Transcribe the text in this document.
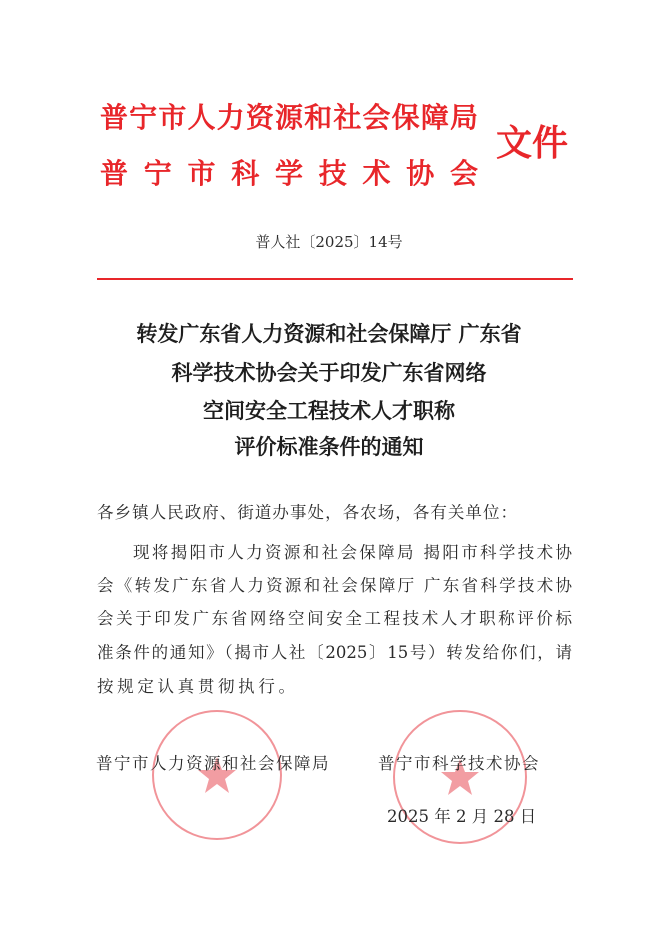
普宁市人力资源和社会保障局
普宁市科学技术协会
文件
普人社〔2025〕14号
转发广东省人力资源和社会保障厅 广东省
科学技术协会关于印发广东省网络
空间安全工程技术人才职称
评价标准条件的通知
各乡镇人民政府、街道办事处，各农场，各有关单位：
现将揭阳市人力资源和社会保障局 揭阳市科学技术协
会《转发广东省人力资源和社会保障厅 广东省科学技术协
会关于印发广东省网络空间安全工程技术人才职称评价标
准条件的通知》（揭市人社〔2025〕15号）转发给你们，请
按规定认真贯彻执行。
普宁市人力资源和社会保障局	普宁市科学技术协会
2025 年 2 月 28 日
